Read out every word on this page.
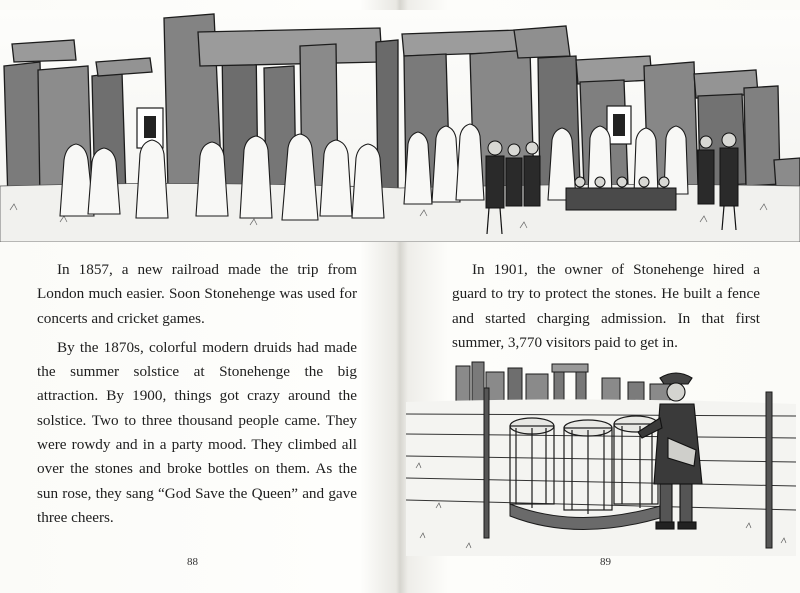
In 1857, a new railroad made the trip from London much easier. Soon Stonehenge was used for concerts and cricket games.

By the 1870s, colorful modern druids had made the summer solstice at Stonehenge the big attraction. By 1900, things got crazy around the solstice. Two to three thousand people came. They were rowdy and in a party mood. They climbed all over the stones and broke bottles on them. As the sun rose, they sang “God Save the Queen” and gave three cheers.

In 1901, the owner of Stonehenge hired a guard to try to protect the stones. He built a fence and started charging admission. In that first summer, 3,770 visitors paid to get in.

88	89
